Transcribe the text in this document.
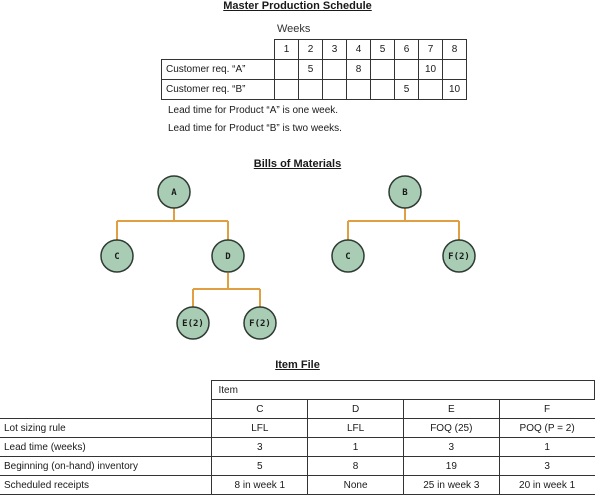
Master Production Schedule
Weeks
	1	2	3	4	5	6	7	8
Customer req. “A”		5		8			10	
Customer req. “B”						5		10
Lead time for Product “A” is one week.
Lead time for Product “B” is two weeks.
Bills of Materials
A
C	D
E(2)	F(2)
B
C	F(2)
Item File
	Item			
	C	D	E	F
Lot sizing rule	LFL	LFL	FOQ (25)	POQ (P = 2)
Lead time (weeks)	3	1	3	1
Beginning (on-hand) inventory	5	8	19	3
Scheduled receipts	8 in week 1	None	25 in week 3	20 in week 1
